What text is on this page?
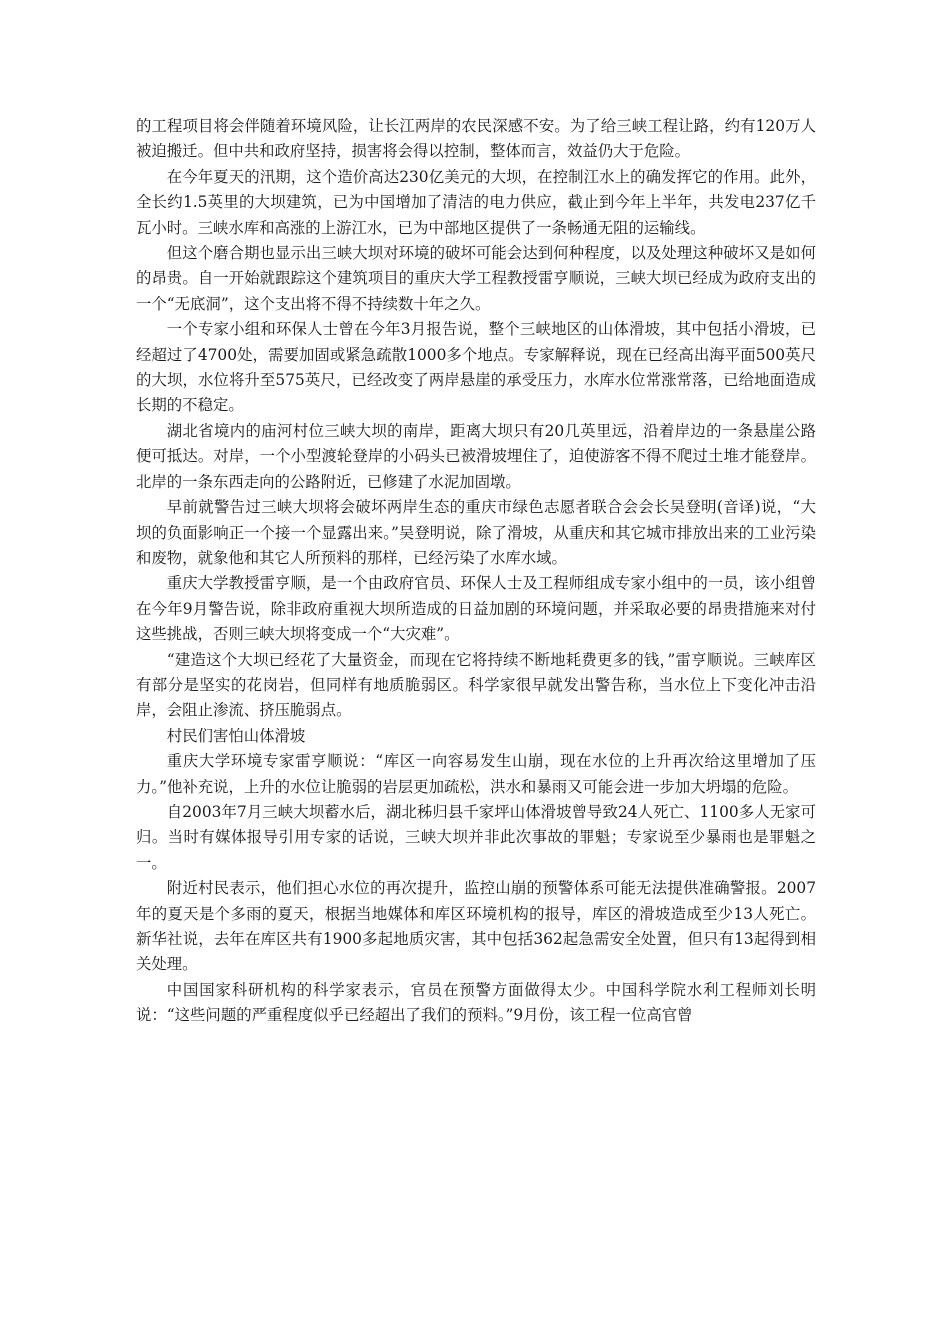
的工程项目将会伴随着环境风险，让长江两岸的农民深感不安。为了给三峡工程让路，约有120万人被迫搬迁。但中共和政府坚持，损害将会得以控制，整体而言，效益仍大于危险。

在今年夏天的汛期，这个造价高达230亿美元的大坝，在控制江水上的确发挥它的作用。此外，全长约1.5英里的大坝建筑，已为中国增加了清洁的电力供应，截止到今年上半年，共发电237亿千瓦小时。三峡水库和高涨的上游江水，已为中部地区提供了一条畅通无阻的运输线。

但这个磨合期也显示出三峡大坝对环境的破坏可能会达到何种程度，以及处理这种破坏又是如何的昂贵。自一开始就跟踪这个建筑项目的重庆大学工程教授雷亨顺说，三峡大坝已经成为政府支出的一个“无底洞”，这个支出将不得不持续数十年之久。

一个专家小组和环保人士曾在今年3月报告说，整个三峡地区的山体滑坡，其中包括小滑坡，已经超过了4700处，需要加固或紧急疏散1000多个地点。专家解释说，现在已经高出海平面500英尺的大坝，水位将升至575英尺，已经改变了两岸悬崖的承受压力，水库水位常涨常落，已给地面造成长期的不稳定。

湖北省境内的庙河村位三峡大坝的南岸，距离大坝只有20几英里远，沿着岸边的一条悬崖公路便可抵达。对岸，一个小型渡轮登岸的小码头已被滑坡埋住了，迫使游客不得不爬过土堆才能登岸。北岸的一条东西走向的公路附近，已修建了水泥加固墩。

早前就警告过三峡大坝将会破坏两岸生态的重庆市绿色志愿者联合会会长吴登明(音译)说，“大坝的负面影响正一个接一个显露出来。”吴登明说，除了滑坡，从重庆和其它城市排放出来的工业污染和废物，就象他和其它人所预料的那样，已经污染了水库水域。

重庆大学教授雷亨顺，是一个由政府官员、环保人士及工程师组成专家小组中的一员，该小组曾在今年9月警告说，除非政府重视大坝所造成的日益加剧的环境问题，并采取必要的昂贵措施来对付这些挑战，否则三峡大坝将变成一个“大灾难”。

“建造这个大坝已经花了大量资金，而现在它将持续不断地耗费更多的钱，”雷亨顺说。三峡库区有部分是坚实的花岗岩，但同样有地质脆弱区。科学家很早就发出警告称，当水位上下变化冲击沿岸，会阻止渗流、挤压脆弱点。

村民们害怕山体滑坡

重庆大学环境专家雷亨顺说：“库区一向容易发生山崩，现在水位的上升再次给这里增加了压力。”他补充说，上升的水位让脆弱的岩层更加疏松，洪水和暴雨又可能会进一步加大坍塌的危险。

自2003年7月三峡大坝蓄水后，湖北秭归县千家坪山体滑坡曾导致24人死亡、1100多人无家可归。当时有媒体报导引用专家的话说，三峡大坝并非此次事故的罪魁；专家说至少暴雨也是罪魁之一。

附近村民表示，他们担心水位的再次提升，监控山崩的预警体系可能无法提供准确警报。2007年的夏天是个多雨的夏天，根据当地媒体和库区环境机构的报导，库区的滑坡造成至少13人死亡。新华社说，去年在库区共有1900多起地质灾害，其中包括362起急需安全处置，但只有13起得到相关处理。

中国国家科研机构的科学家表示，官员在预警方面做得太少。中国科学院水利工程师刘长明说：“这些问题的严重程度似乎已经超出了我们的预料。”9月份，该工程一位高官曾
